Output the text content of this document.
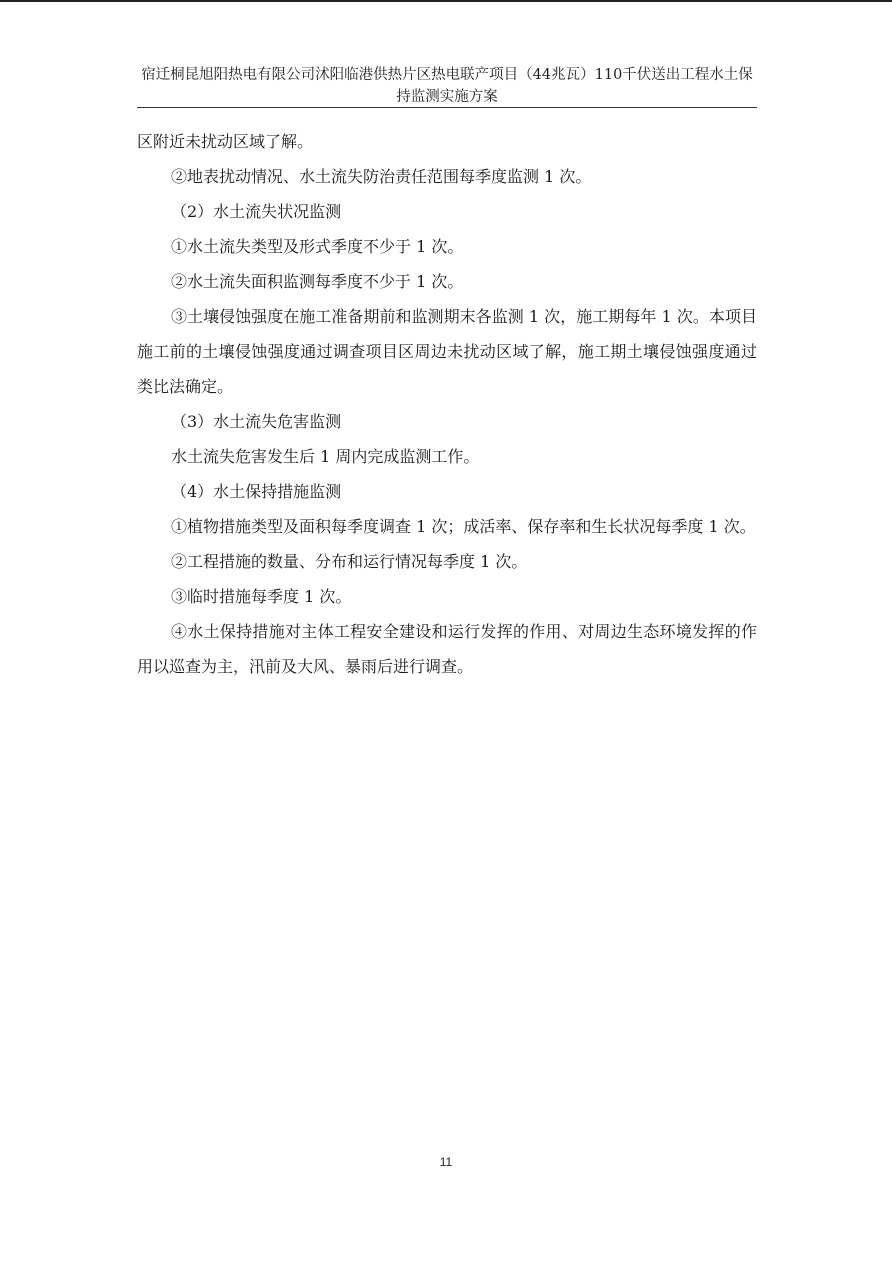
宿迁桐昆旭阳热电有限公司沭阳临港供热片区热电联产项目（44兆瓦）110千伏送出工程水土保持监测实施方案

区附近未扰动区域了解。

②地表扰动情况、水土流失防治责任范围每季度监测 1 次。

（2）水土流失状况监测

①水土流失类型及形式季度不少于 1 次。

②水土流失面积监测每季度不少于 1 次。

③土壤侵蚀强度在施工准备期前和监测期末各监测 1 次，施工期每年 1 次。本项目施工前的土壤侵蚀强度通过调查项目区周边未扰动区域了解，施工期土壤侵蚀强度通过类比法确定。

（3）水土流失危害监测

水土流失危害发生后 1 周内完成监测工作。

（4）水土保持措施监测

①植物措施类型及面积每季度调查 1 次；成活率、保存率和生长状况每季度 1 次。

②工程措施的数量、分布和运行情况每季度 1 次。

③临时措施每季度 1 次。

④水土保持措施对主体工程安全建设和运行发挥的作用、对周边生态环境发挥的作用以巡查为主，汛前及大风、暴雨后进行调查。

11
